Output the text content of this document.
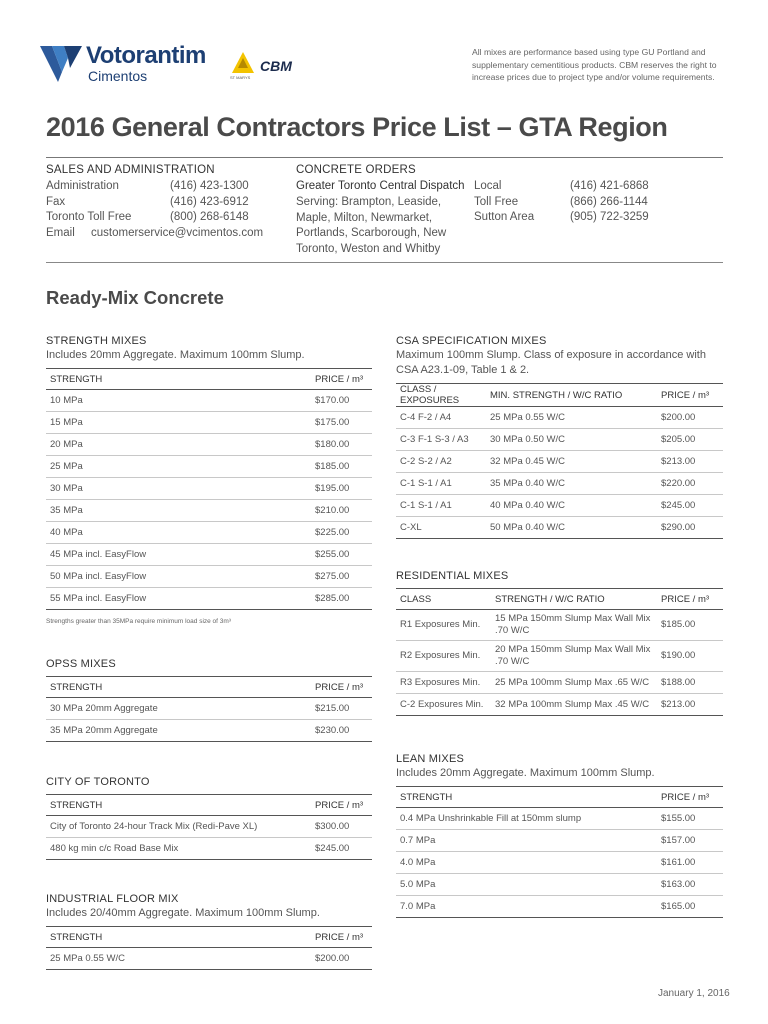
Votorantim
Cimentos
CBM
ST MARYS
All mixes are performance based using type GU Portland and supplementary cementitious products. CBM reserves the right to increase prices due to project type and/or volume requirements.
2016 General Contractors Price List – GTA Region
SALES AND ADMINISTRATION
Administration	(416) 423-1300
Fax	(416) 423-6912
Toronto Toll Free	(800) 268-6148
Email customerservice@vcimentos.com
CONCRETE ORDERS
Greater Toronto Central Dispatch
Serving: Brampton, Leaside, Maple, Milton, Newmarket, Portlands, Scarborough, New Toronto, Weston and Whitby
Local	(416) 421-6868
Toll Free	(866) 266-1144
Sutton Area	(905) 722-3259
Ready-Mix Concrete
STRENGTH MIXES
Includes 20mm Aggregate. Maximum 100mm Slump.
STRENGTH	PRICE / m³
10 MPa	$170.00
15 MPa	$175.00
20 MPa	$180.00
25 MPa	$185.00
30 MPa	$195.00
35 MPa	$210.00
40 MPa	$225.00
45 MPa incl. EasyFlow	$255.00
50 MPa incl. EasyFlow	$275.00
55 MPa incl. EasyFlow	$285.00
Strengths greater than 35MPa require minimum load size of 3m³
OPSS MIXES
STRENGTH	PRICE / m³
30 MPa 20mm Aggregate	$215.00
35 MPa 20mm Aggregate	$230.00
CITY OF TORONTO
STRENGTH	PRICE / m³
City of Toronto 24-hour Track Mix (Redi-Pave XL)	$300.00
480 kg min c/c Road Base Mix	$245.00
INDUSTRIAL FLOOR MIX
Includes 20/40mm Aggregate. Maximum 100mm Slump.
STRENGTH	PRICE / m³
25 MPa 0.55 W/C	$200.00
CSA SPECIFICATION MIXES
Maximum 100mm Slump. Class of exposure in accordance with CSA A23.1-09, Table 1 & 2.
CLASS / EXPOSURES	MIN. STRENGTH / W/C RATIO	PRICE / m³
C-4 F-2 / A4	25 MPa 0.55 W/C	$200.00
C-3 F-1 S-3 / A3	30 MPa 0.50 W/C	$205.00
C-2 S-2 / A2	32 MPa 0.45 W/C	$213.00
C-1 S-1 / A1	35 MPa 0.40 W/C	$220.00
C-1 S-1 / A1	40 MPa 0.40 W/C	$245.00
C-XL	50 MPa 0.40 W/C	$290.00
RESIDENTIAL MIXES
CLASS	STRENGTH / W/C RATIO	PRICE / m³
R1 Exposures Min.	15 MPa 150mm Slump Max Wall Mix .70 W/C	$185.00
R2 Exposures Min.	20 MPa 150mm Slump Max Wall Mix .70 W/C	$190.00
R3 Exposures Min.	25 MPa 100mm Slump Max .65 W/C	$188.00
C-2 Exposures Min.	32 MPa 100mm Slump Max .45 W/C	$213.00
LEAN MIXES
Includes 20mm Aggregate. Maximum 100mm Slump.
STRENGTH	PRICE / m³
0.4 MPa Unshrinkable Fill at 150mm slump	$155.00
0.7 MPa	$157.00
4.0 MPa	$161.00
5.0 MPa	$163.00
7.0 MPa	$165.00
January 1, 2016
